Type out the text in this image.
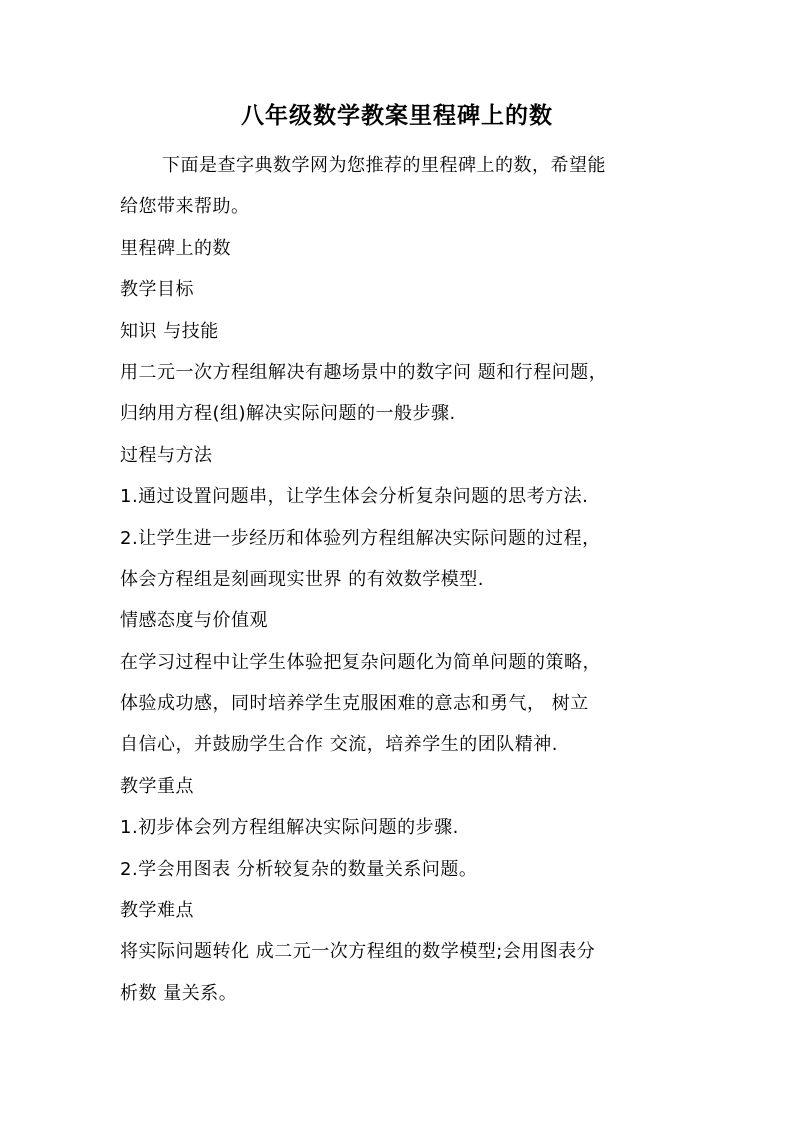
八年级数学教案里程碑上的数
下面是查字典数学网为您推荐的里程碑上的数，希望能
给您带来帮助。
里程碑上的数
教学目标
知识 与技能
用二元一次方程组解决有趣场景中的数字问 题和行程问题，
归纳用方程(组)解决实际问题的一般步骤.
过程与方法
1.通过设置问题串，让学生体会分析复杂问题的思考方法.
2.让学生进一步经历和体验列方程组解决实际问题的过程，
体会方程组是刻画现实世界 的有效数学模型.
情感态度与价值观
在学习过程中让学生体验把复杂问题化为简单问题的策略，
体验成功感，同时培养学生克服困难的意志和勇气， 树立
自信心，并鼓励学生合作 交流，培养学生的团队精神.
教学重点
1.初步体会列方程组解决实际问题的步骤.
2.学会用图表 分析较复杂的数量关系问题。
教学难点
将实际问题转化 成二元一次方程组的数学模型;会用图表分
析数 量关系。
